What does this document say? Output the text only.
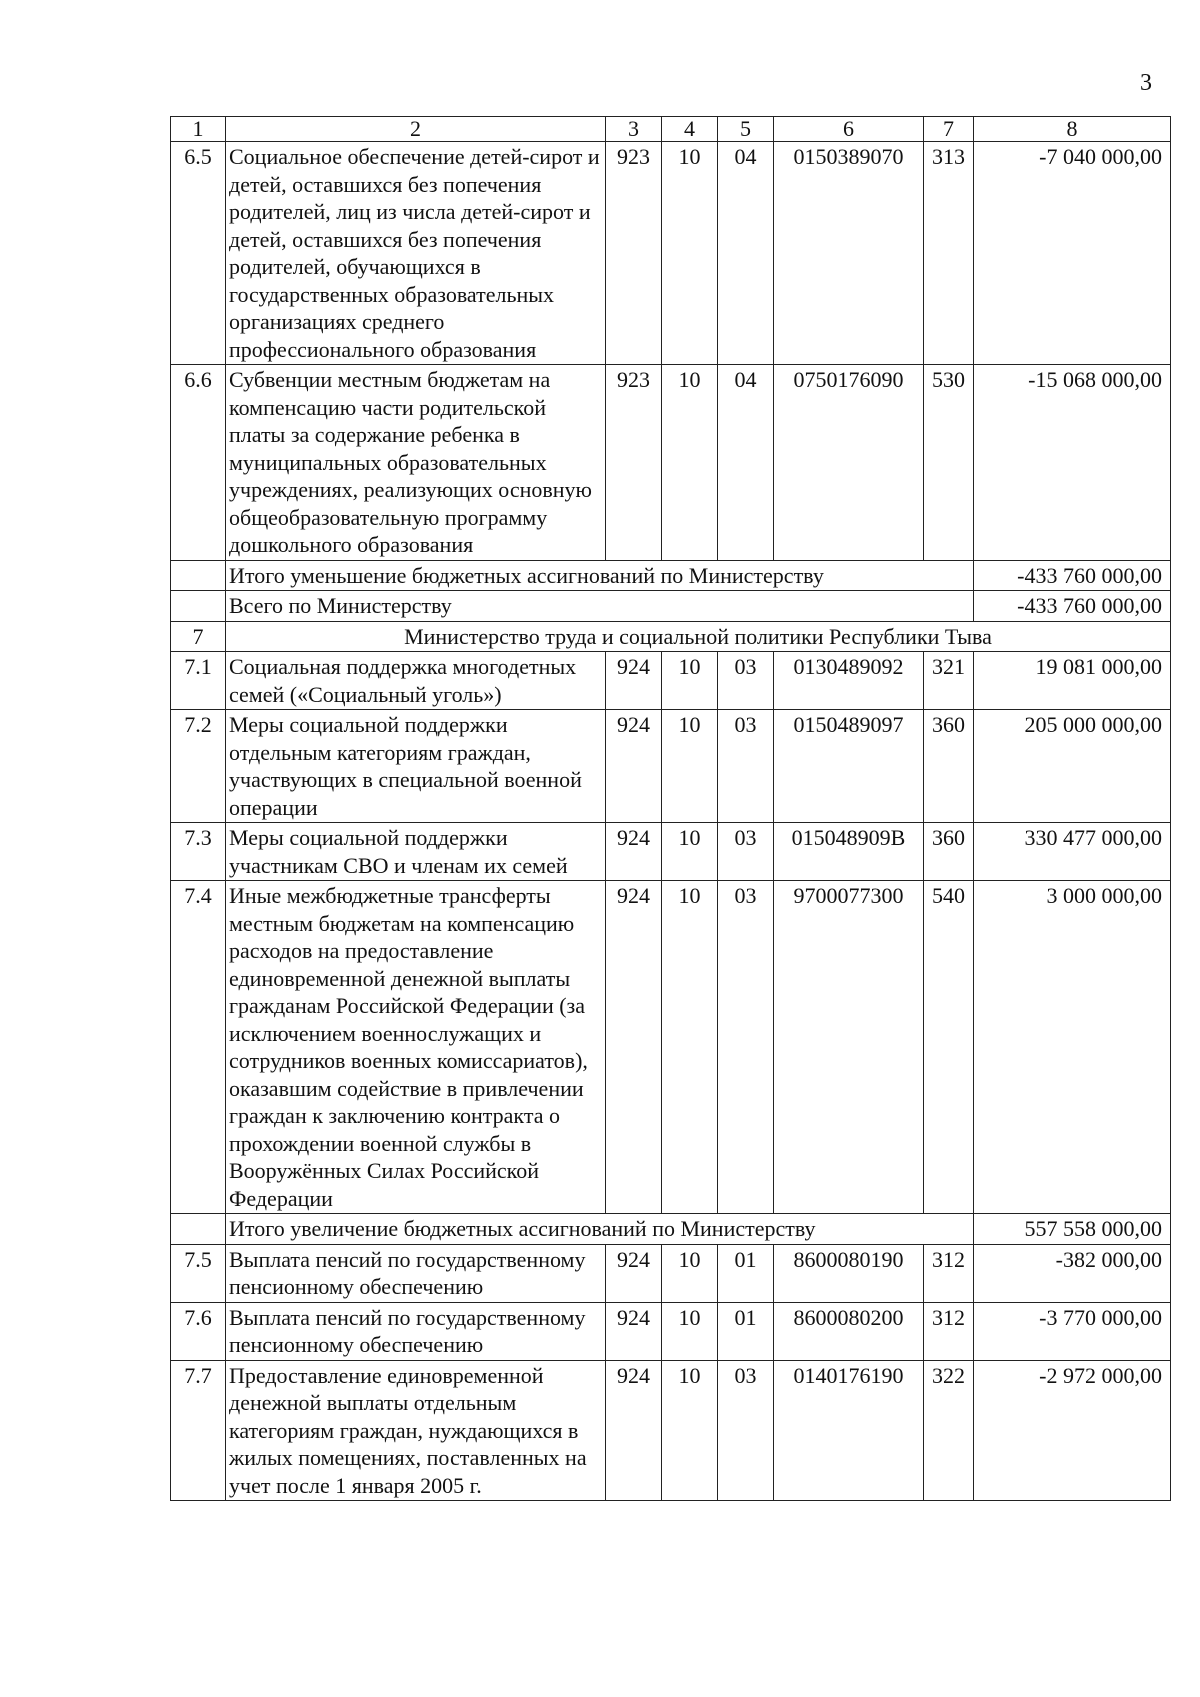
3
1	2	3	4	5	6	7	8
6.5	Социальное обеспечение детей-сирот и детей, оставшихся без попечения родителей, лиц из числа детей-сирот и детей, оставшихся без попечения родителей, обучающихся в государственных образовательных организациях среднего профессионального образования	923	10	04	0150389070	313	-7 040 000,00
6.6	Субвенции местным бюджетам на компенсацию части родительской платы за содержание ребенка в муниципальных образовательных учреждениях, реализующих основную общеобразовательную программу дошкольного образования	923	10	04	0750176090	530	-15 068 000,00
	Итого уменьшение бюджетных ассигнований по Министерству						-433 760 000,00
	Всего по Министерству						-433 760 000,00
7	Министерство труда и социальной политики Республики Тыва						
7.1	Социальная поддержка многодетных семей («Социальный уголь»)	924	10	03	0130489092	321	19 081 000,00
7.2	Меры социальной поддержки отдельным категориям граждан, участвующих в специальной военной операции	924	10	03	0150489097	360	205 000 000,00
7.3	Меры социальной поддержки участникам СВО и членам их семей	924	10	03	015048909В	360	330 477 000,00
7.4	Иные межбюджетные трансферты местным бюджетам на компенсацию расходов на предоставление единовременной денежной выплаты гражданам Российской Федерации (за исключением военнослужащих и сотрудников военных комиссариатов), оказавшим содействие в привлечении граждан к заключению контракта о прохождении военной службы в Вооружённых Силах Российской Федерации	924	10	03	9700077300	540	3 000 000,00
	Итого увеличение бюджетных ассигнований по Министерству						557 558 000,00
7.5	Выплата пенсий по государственному пенсионному обеспечению	924	10	01	8600080190	312	-382 000,00
7.6	Выплата пенсий по государственному пенсионному обеспечению	924	10	01	8600080200	312	-3 770 000,00
7.7	Предоставление единовременной денежной выплаты отдельным категориям граждан, нуждающихся в жилых помещениях, поставленных на учет после 1 января 2005 г.	924	10	03	0140176190	322	-2 972 000,00
